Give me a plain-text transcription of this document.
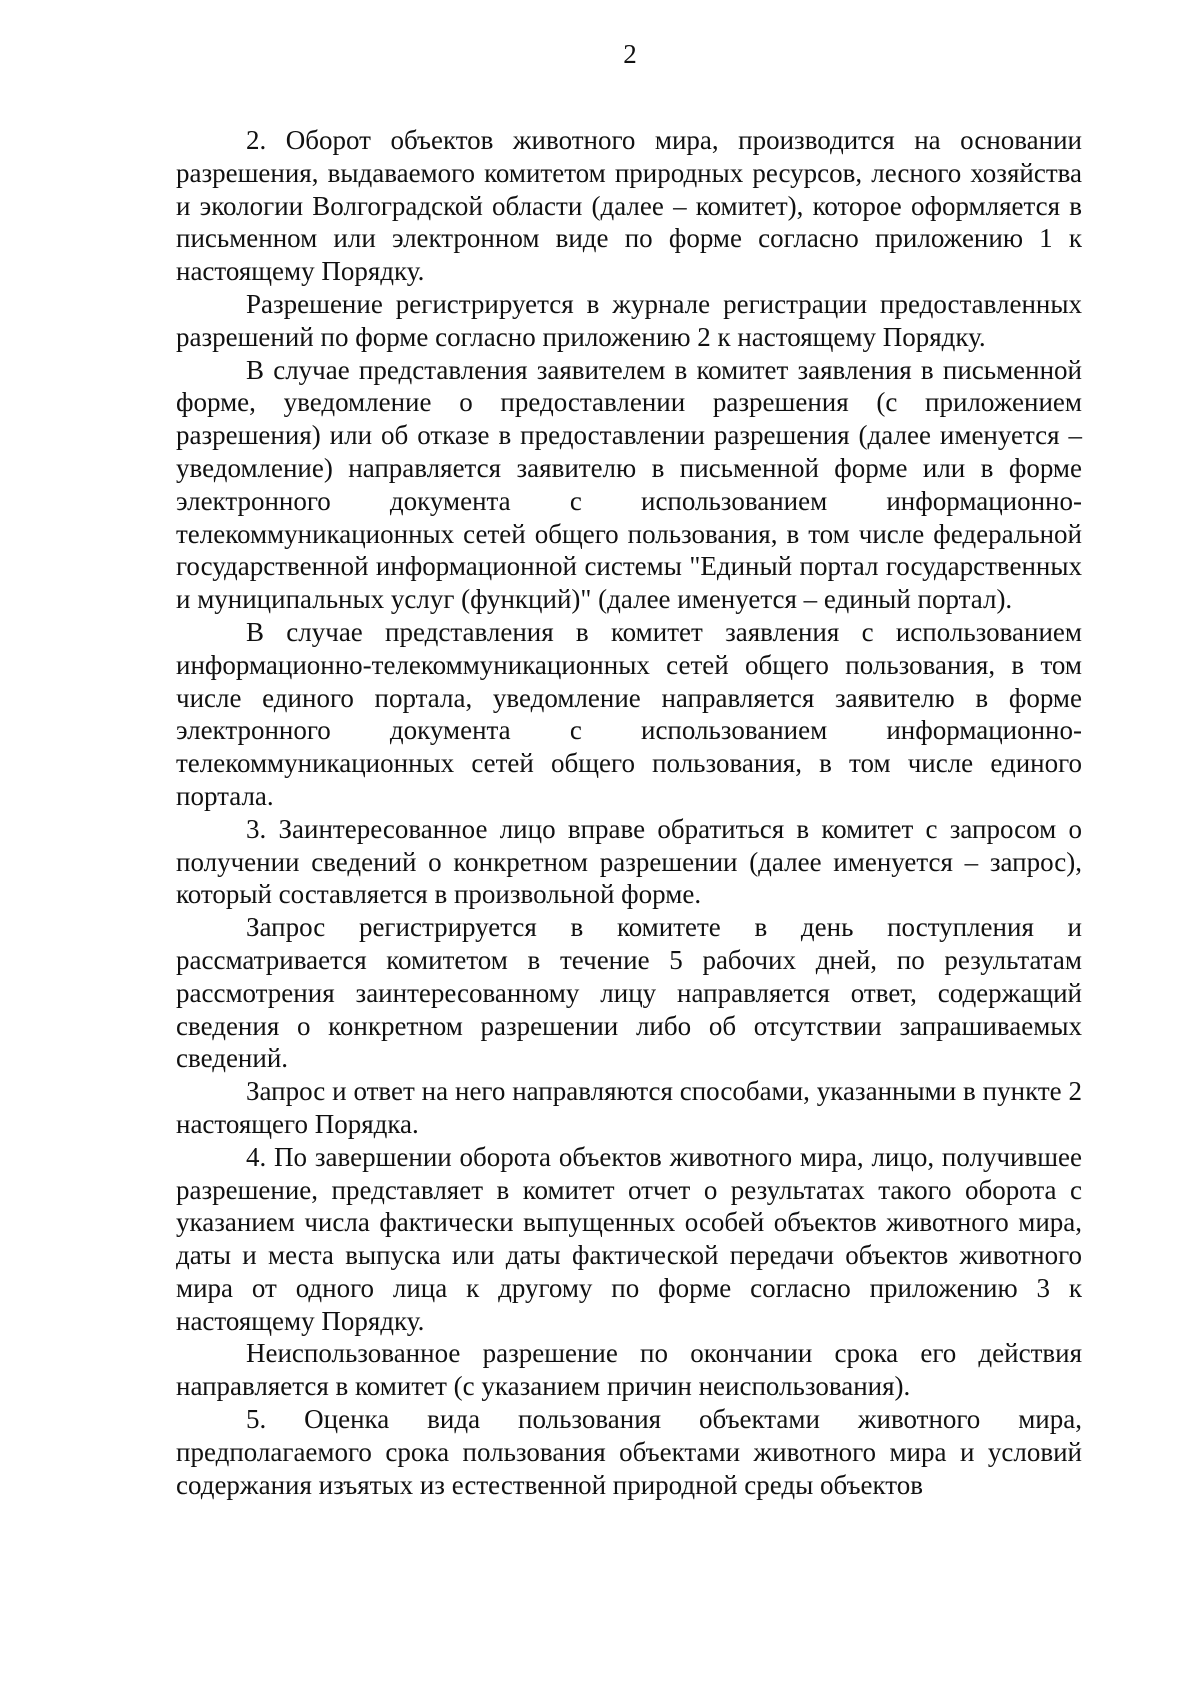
2

2. Оборот объектов животного мира, производится на основании разрешения, выдаваемого комитетом природных ресурсов, лесного хозяйства и экологии Волгоградской области (далее – комитет), которое оформляется в письменном или электронном виде по форме согласно приложению 1 к настоящему Порядку.

Разрешение регистрируется в журнале регистрации предоставленных разрешений по форме согласно приложению 2 к настоящему Порядку.

В случае представления заявителем в комитет заявления в письменной форме, уведомление о предоставлении разрешения (с приложением разрешения) или об отказе в предоставлении разрешения (далее именуется – уведомление) направляется заявителю в письменной форме или в форме электронного документа с использованием информационно-телекоммуникационных сетей общего пользования, в том числе федеральной государственной информационной системы "Единый портал государственных и муниципальных услуг (функций)" (далее именуется – единый портал).

В случае представления в комитет заявления с использованием информационно-телекоммуникационных сетей общего пользования, в том числе единого портала, уведомление направляется заявителю в форме электронного документа с использованием информационно-телекоммуникационных сетей общего пользования, в том числе единого портала.

3. Заинтересованное лицо вправе обратиться в комитет с запросом о получении сведений о конкретном разрешении (далее именуется – запрос), который составляется в произвольной форме.

Запрос регистрируется в комитете в день поступления и рассматривается комитетом в течение 5 рабочих дней, по результатам рассмотрения заинтересованному лицу направляется ответ, содержащий сведения о конкретном разрешении либо об отсутствии запрашиваемых сведений.

Запрос и ответ на него направляются способами, указанными в пункте 2 настоящего Порядка.

4. По завершении оборота объектов животного мира, лицо, получившее разрешение, представляет в комитет отчет о результатах такого оборота с указанием числа фактически выпущенных особей объектов животного мира, даты и места выпуска или даты фактической передачи объектов животного мира от одного лица к другому по форме согласно приложению 3 к настоящему Порядку.

Неиспользованное разрешение по окончании срока его действия направляется в комитет (с указанием причин неиспользования).

5. Оценка вида пользования объектами животного мира, предполагаемого срока пользования объектами животного мира и условий содержания изъятых из естественной природной среды объектов
